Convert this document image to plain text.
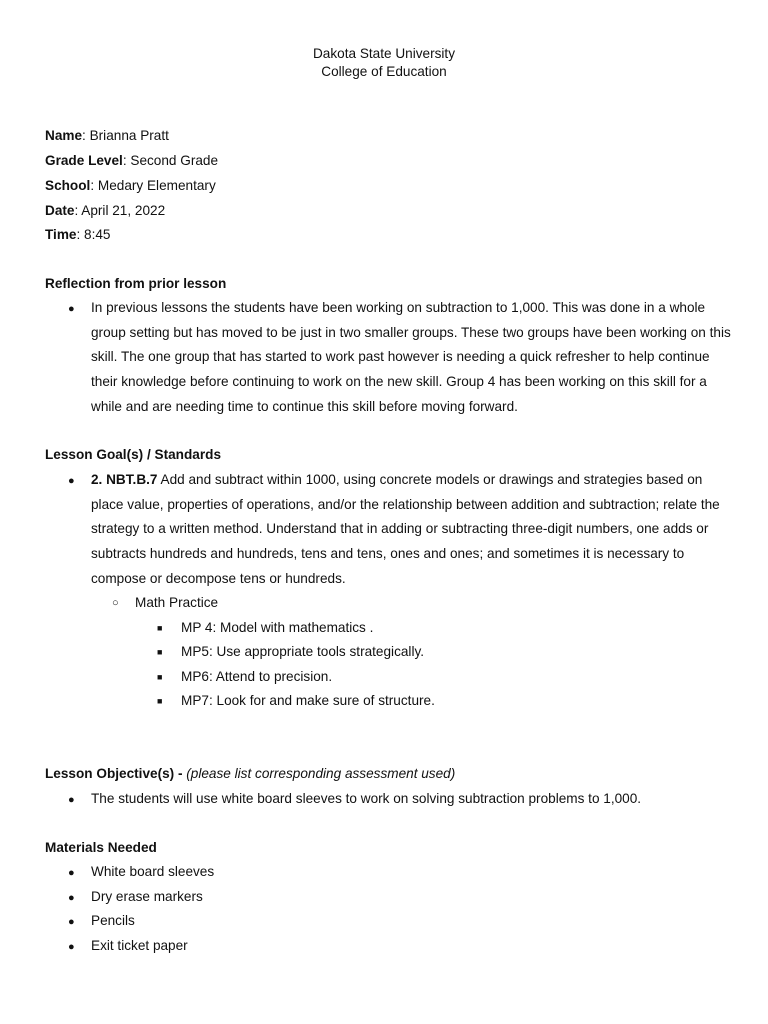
Dakota State University
College of Education
Name: Brianna Pratt
Grade Level: Second Grade
School: Medary Elementary
Date: April 21, 2022
Time: 8:45
Reflection from prior lesson
● In previous lessons the students have been working on subtraction to 1,000. This was done in a whole group setting but has moved to be just in two smaller groups. These two groups have been working on this skill. The one group that has started to work past however is needing a quick refresher to help continue their knowledge before continuing to work on the new skill. Group 4 has been working on this skill for a while and are needing time to continue this skill before moving forward.
Lesson Goal(s) / Standards
● 2. NBT.B.7 Add and subtract within 1000, using concrete models or drawings and strategies based on place value, properties of operations, and/or the relationship between addition and subtraction; relate the strategy to a written method. Understand that in adding or subtracting three-digit numbers, one adds or subtracts hundreds and hundreds, tens and tens, ones and ones; and sometimes it is necessary to compose or decompose tens or hundreds.
○ Math Practice
■ MP 4: Model with mathematics .
■ MP5: Use appropriate tools strategically.
■ MP6: Attend to precision.
■ MP7: Look for and make sure of structure.
Lesson Objective(s) - (please list corresponding assessment used)
● The students will use white board sleeves to work on solving subtraction problems to 1,000.
Materials Needed
● White board sleeves
● Dry erase markers
● Pencils
● Exit ticket paper
